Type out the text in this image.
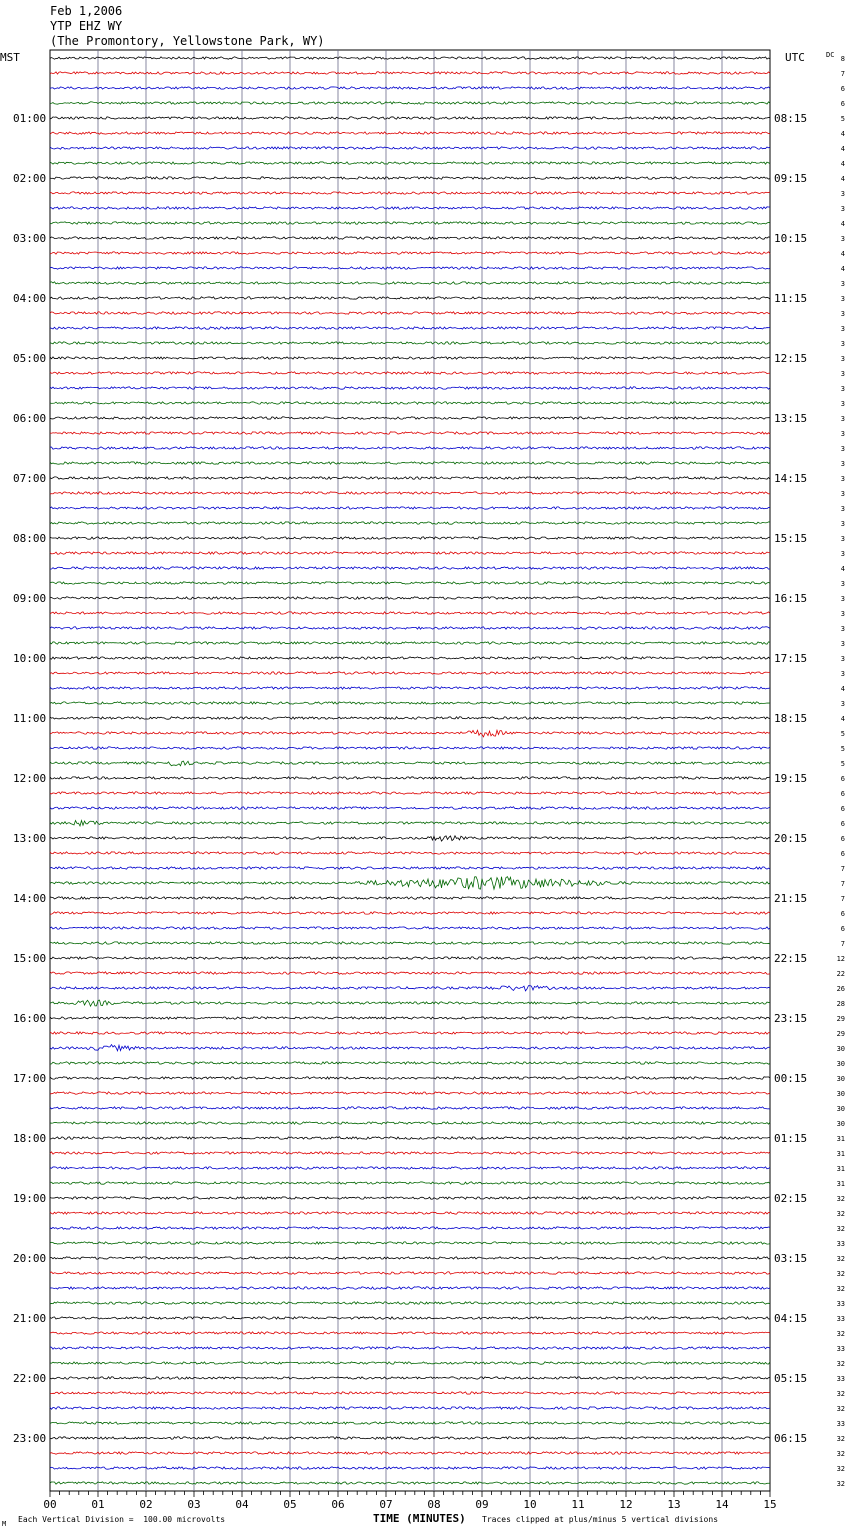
Feb 1,2006
YTP EHZ WY
(The Promontory, Yellowstone Park, WY)
MST	UTC	DC
01:00
02:00
03:00
04:00
05:00
06:00
07:00
08:00
09:00
10:00
11:00
12:00
13:00
14:00
15:00
16:00
17:00
18:00
19:00
20:00
21:00
22:00
23:00
08:15
09:15
10:15
11:15
12:15
13:15
14:15
15:15
16:15
17:15
18:15
19:15
20:15
21:15
22:15
23:15
00:15
01:15
02:15
03:15
04:15
05:15
06:15
8
7
6
6
5
4
4
4
4
3
3
4
3
4
4
3
3
3
3
3
3
3
3
3
3
3
3
3
3
3
3
3
3
3
4
3
3
3
3
3
3
3
4
3
4
5
5
5
6
6
6
6
6
6
7
7
7
6
6
7
12
22
26
28
29
29
30
30
30
30
30
30
31
31
31
31
32
32
32
33
32
32
32
33
33
32
33
32
33
32
32
33
32
32
32
32
00	01	02	03	04	05	06	07	08	09	10	11	12	13	14	15
Each Vertical Division =  100.00 microvolts	TIME (MINUTES) Traces clipped at plus/minus 5 vertical divisions
M
